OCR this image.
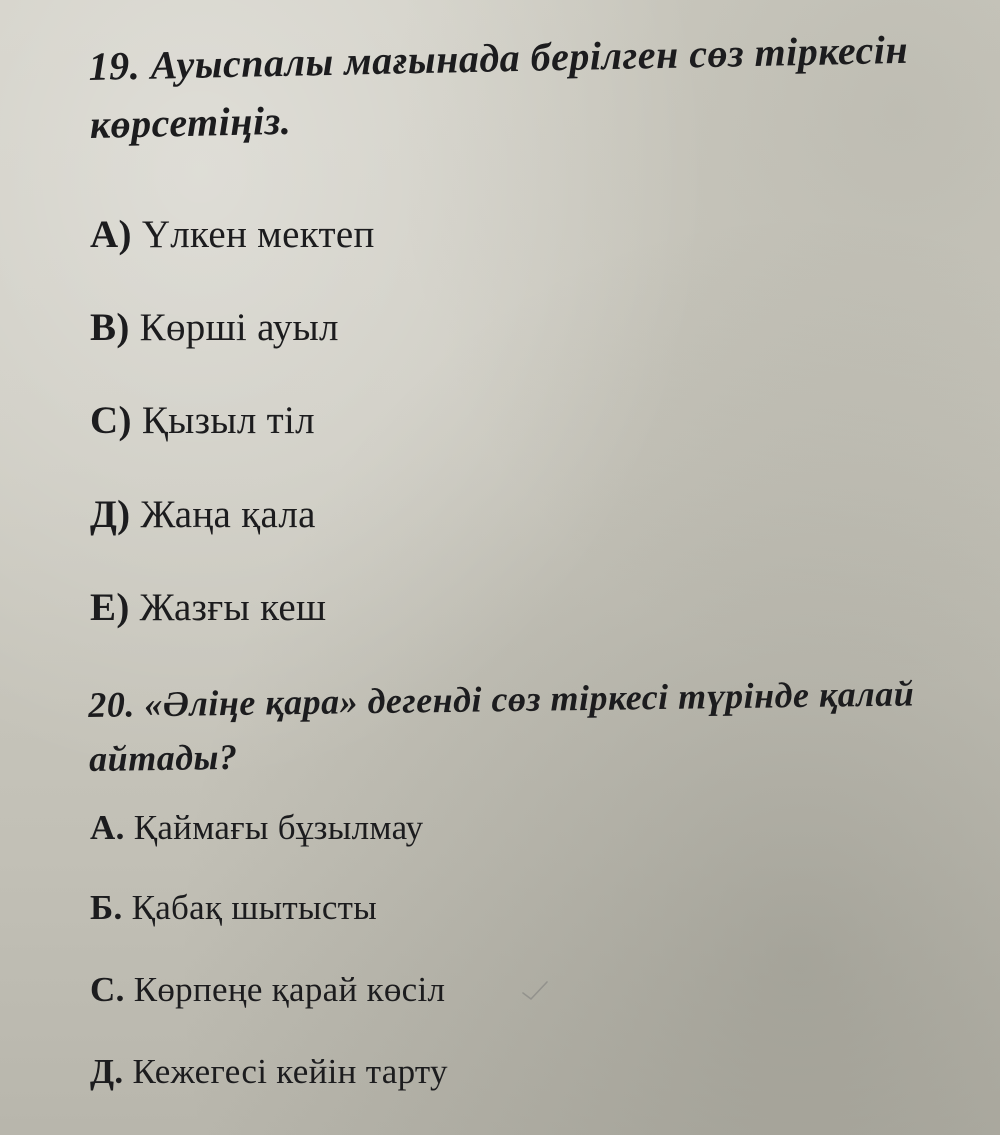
19. Ауыспалы мағынада берілген сөз тіркесін көрсетіңіз.
А) Үлкен мектеп
В) Көрші ауыл
С) Қызыл тіл
Д) Жаңа қала
Е) Жазғы кеш
20. «Әліңе қара» дегенді сөз тіркесі түрінде қалай айтады?
А. Қаймағы бұзылмау
Б. Қабақ шытысты
С. Көрпеңе қарай көсіл
Д. Кежегесі кейін тарту
